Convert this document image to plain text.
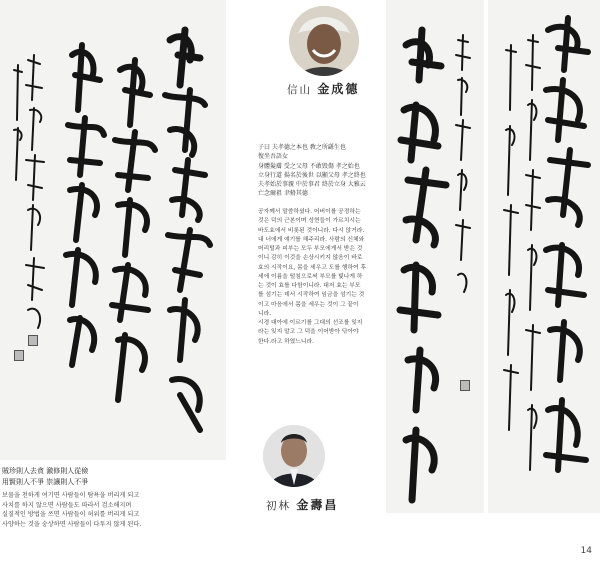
賊珍則人去貪 瀲修則人從儉
用賢則人不爭 崇讓則人不爭
보물을 천하게 여기면 사람들이 탐욕을 버리게 되고
사치를 하지 않으면 사람들도 따라서 검소해지며
실질적인 방법을 쓰면 사람들이 허위를 버리게 되고
사양하는 것을 숭상하면 사람들이 다투지 않게 된다.
信山 金成德
子曰 夫孝德之本也 敎之所繇生也
復坐吾語女
身體髮膚 受之父母 不敢毁傷 孝之始也
立身行道 揚名於後世 以顯父母 孝之終也
夫孝始於事親 中於事君 終於立身 大雅云
亡念爾祖 聿脩其德
공자께서 말씀하셨다. 어버이를 공경하는
것은 덕의 근본이며 성현들이 가르치시는
바도효에서 비롯된 것이니라. 다시 앉거라.
내 너에게 얘기를 해주리라. 사람의 신체와
머리털과 피부는 모두 부모에게서 받은 것
이니 감히 이것을 손상시키지 않음이 바로
효의 시작이요, 몸을 세우고 도를 행하여 후
세에 이름을 떨침으로써 부모를 빛나게 하
는 것이 효를 다함이니라. 대저 효는 부모
를 섬기는 데서 시작하여 임금을 섬기는 것
이고 마음에서 몸을 세우는 것이 그 끝이
니라.
시경 대아에 이르기를 그대의 선조를 잊지
라는 잊지 말고 그 덕을 이어받아 닦아야
한다.라고 하였느니라.
初林 金壽昌
14
